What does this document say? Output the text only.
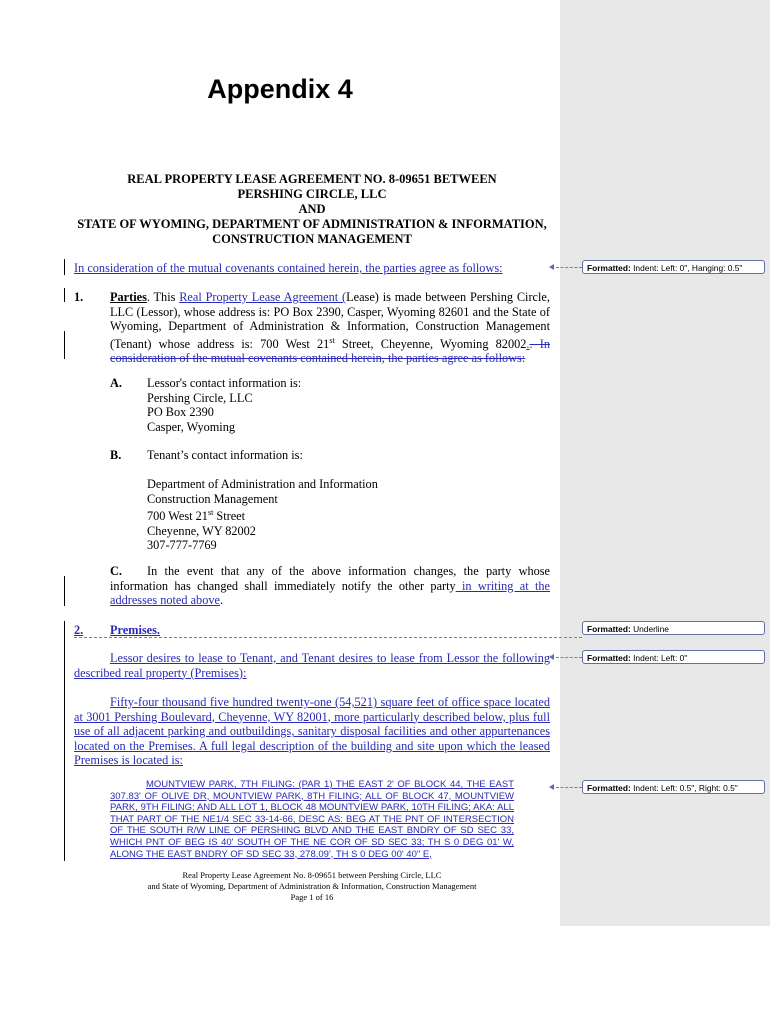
Appendix 4
REAL PROPERTY LEASE AGREEMENT NO. 8-09651 BETWEEN
PERSHING CIRCLE, LLC
AND
STATE OF WYOMING, DEPARTMENT OF ADMINISTRATION & INFORMATION,
CONSTRUCTION MANAGEMENT
In consideration of the mutual covenants contained herein, the parties agree as follows:
1. Parties. This Real Property Lease Agreement (Lease) is made between Pershing Circle, LLC (Lessor), whose address is: PO Box 2390, Casper, Wyoming 82601 and the State of Wyoming, Department of Administration & Information, Construction Management (Tenant) whose address is: 700 West 21st Street, Cheyenne, Wyoming 82002.. In consideration of the mutual covenants contained herein, the parties agree as follows:
A. Lessor's contact information is:
Pershing Circle, LLC
PO Box 2390
Casper, Wyoming
B. Tenant’s contact information is:
Department of Administration and Information
Construction Management
700 West 21st Street
Cheyenne, WY 82002
307-777-7769
C.	In the event that any of the above information changes, the party whose information has changed shall immediately notify the other party in writing at the addresses noted above.
2. Premises.
Lessor desires to lease to Tenant, and Tenant desires to lease from Lessor the following described real property (Premises):
Fifty-four thousand five hundred twenty-one (54,521) square feet of office space located at 3001 Pershing Boulevard, Cheyenne, WY 82001, more particularly described below, plus full use of all adjacent parking and outbuildings, sanitary disposal facilities and other appurtenances located on the Premises. A full legal description of the building and site upon which the leased Premises is located is:
MOUNTVIEW PARK, 7TH FILING: (PAR 1) THE EAST 2' OF BLOCK 44, THE EAST 307.83' OF OLIVE DR, MOUNTVIEW PARK, 8TH FILING; ALL OF BLOCK 47, MOUNTVIEW PARK, 9TH FILING; AND ALL LOT 1, BLOCK 48 MOUNTVIEW PARK, 10TH FILING; AKA: ALL THAT PART OF THE NE1/4 SEC 33-14-66, DESC AS: BEG AT THE PNT OF INTERSECTION OF THE SOUTH R/W LINE OF PERSHING BLVD AND THE EAST BNDRY OF SD SEC 33, WHICH PNT OF BEG IS 40' SOUTH OF THE NE COR OF SD SEC 33; TH S 0 DEG 01' W, ALONG THE EAST BNDRY OF SD SEC 33, 278.09', TH S 0 DEG 00' 40" E,
Real Property Lease Agreement No. 8-09651 between Pershing Circle, LLC
and State of Wyoming, Department of Administration & Information, Construction Management
Page 1 of 16
Formatted: Indent: Left: 0", Hanging: 0.5"
Formatted: Underline
Formatted: Indent: Left: 0"
Formatted: Indent: Left: 0.5", Right: 0.5"
